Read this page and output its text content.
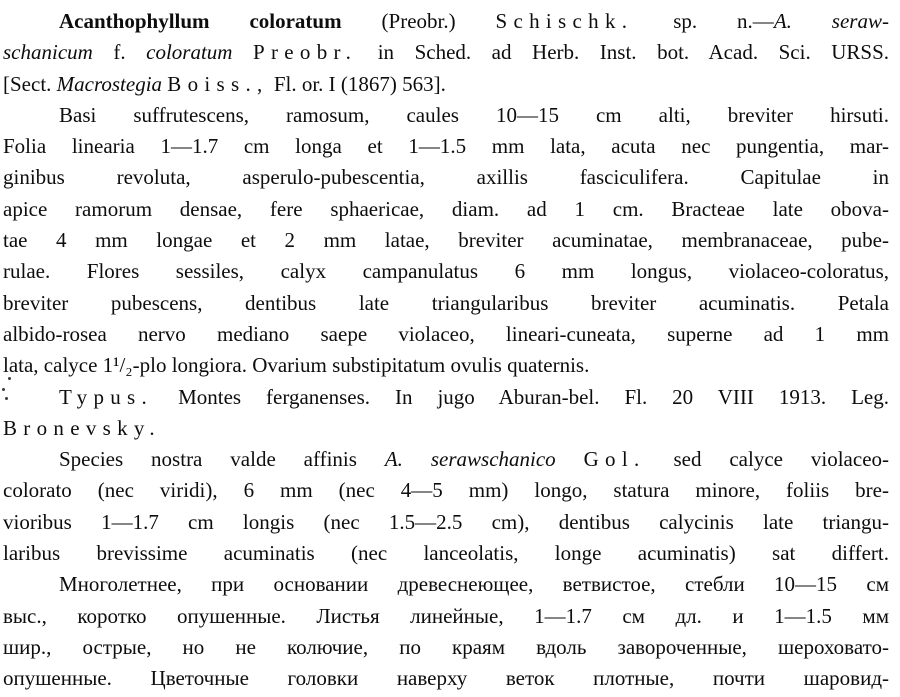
Acanthophyllum coloratum (Preobr.) Schischk. sp. n.—A. seraw-
schanicum f. coloratum Preobr. in Sched. ad Herb. Inst. bot. Acad. Sci. URSS.
[Sect. Macrostegia Boiss., Fl. or. I (1867) 563].
Basi suffrutescens, ramosum, caules 10—15 cm alti, breviter hirsuti.
Folia linearia 1—1.7 cm longa et 1—1.5 mm lata, acuta nec pungentia, mar-
ginibus revoluta, asperulo-pubescentia, axillis fasciculifera. Capitulae in
apice ramorum densae, fere sphaericae, diam. ad 1 cm. Bracteae late obova-
tae 4 mm longae et 2 mm latae, breviter acuminatae, membranaceae, pube-
rulae. Flores sessiles, calyx campanulatus 6 mm longus, violaceo-coloratus,
breviter pubescens, dentibus late triangularibus breviter acuminatis. Petala
albido-rosea nervo mediano saepe violaceo, lineari-cuneata, superne ad 1 mm
lata, calyce 1¹/₂-plo longiora. Ovarium substipitatum ovulis quaternis.
Typus. Montes ferganenses. In jugo Aburan-bel. Fl. 20 VIII 1913. Leg.
Bronevsky.
Species nostra valde affinis A. serawschanico Gol. sed calyce violaceo-
colorato (nec viridi), 6 mm (nec 4—5 mm) longo, statura minore, foliis bre-
vioribus 1—1.7 cm longis (nec 1.5—2.5 cm), dentibus calycinis late triangu-
laribus brevissime acuminatis (nec lanceolatis, longe acuminatis) sat differt.
Многолетнее, при основании древеснеющее, ветвистое, стебли 10—15 см
выс., коротко опушенные. Листья линейные, 1—1.7 см дл. и 1—1.5 мм
шир., острые, но не колючие, по краям вдоль завороченные, шероховато-
опушенные. Цветочные головки наверху веток плотные, почти шаровид-
